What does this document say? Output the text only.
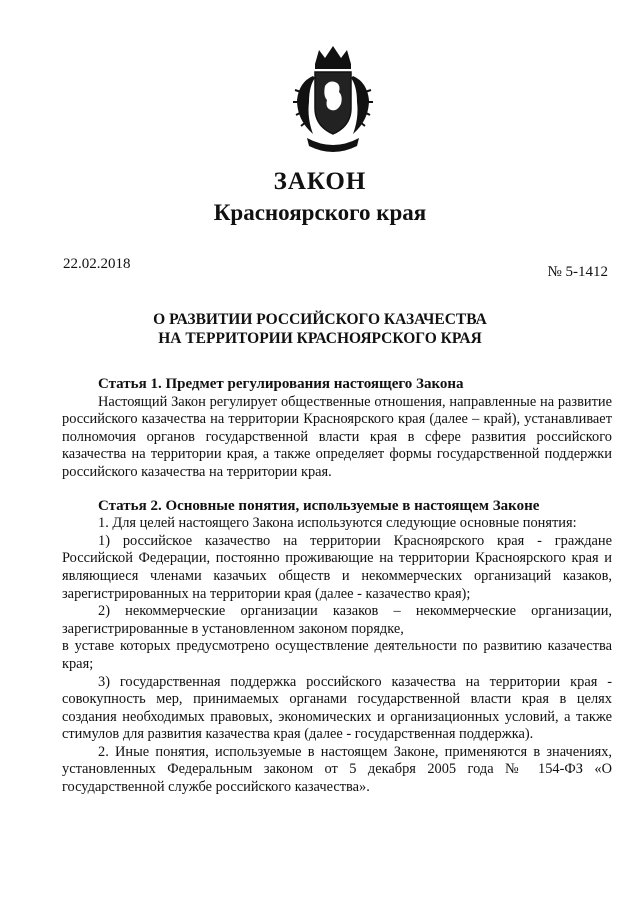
ЗАКОН
Красноярского края
22.02.2018	№ 5-1412
О РАЗВИТИИ РОССИЙСКОГО КАЗАЧЕСТВА
НА ТЕРРИТОРИИ КРАСНОЯРСКОГО КРАЯ

Статья 1. Предмет регулирования настоящего Закона

Настоящий Закон регулирует общественные отношения, направленные на развитие российского казачества на территории Красноярского края (далее – край), устанавливает полномочия органов государственной власти края в сфере развития российского казачества на территории края, а также определяет формы государственной поддержки российского казачества на территории края.

Статья 2. Основные понятия, используемые в настоящем Законе

1. Для целей настоящего Закона используются следующие основные понятия:

1) российское казачество на территории Красноярского края - граждане Российской Федерации, постоянно проживающие на территории Красноярского края и являющиеся членами казачьих обществ и некоммерческих организаций казаков, зарегистрированных на территории края (далее - казачество края);

2) некоммерческие организации казаков – некоммерческие организации, зарегистрированные в установленном законом порядке,

в уставе которых предусмотрено осуществление деятельности по развитию казачества края;

3) государственная поддержка российского казачества на территории края - совокупность мер, принимаемых органами государственной власти края в целях создания необходимых правовых, экономических и организационных условий, а также стимулов для развития казачества края (далее - государственная поддержка).

2. Иные понятия, используемые в настоящем Законе, применяются в значениях, установленных Федеральным законом от 5 декабря 2005 года № 154-ФЗ «О государственной службе российского казачества».
